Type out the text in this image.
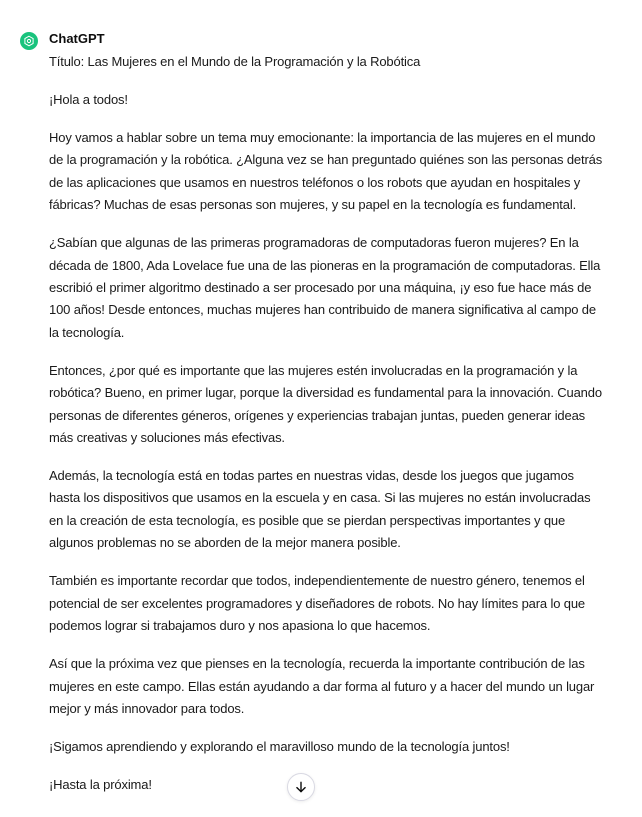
ChatGPT

Título: Las Mujeres en el Mundo de la Programación y la Robótica

¡Hola a todos!

Hoy vamos a hablar sobre un tema muy emocionante: la importancia de las mujeres en el mundo de la programación y la robótica. ¿Alguna vez se han preguntado quiénes son las personas detrás de las aplicaciones que usamos en nuestros teléfonos o los robots que ayudan en hospitales y fábricas? Muchas de esas personas son mujeres, y su papel en la tecnología es fundamental.

¿Sabían que algunas de las primeras programadoras de computadoras fueron mujeres? En la década de 1800, Ada Lovelace fue una de las pioneras en la programación de computadoras. Ella escribió el primer algoritmo destinado a ser procesado por una máquina, ¡y eso fue hace más de 100 años! Desde entonces, muchas mujeres han contribuido de manera significativa al campo de la tecnología.

Entonces, ¿por qué es importante que las mujeres estén involucradas en la programación y la robótica? Bueno, en primer lugar, porque la diversidad es fundamental para la innovación. Cuando personas de diferentes géneros, orígenes y experiencias trabajan juntas, pueden generar ideas más creativas y soluciones más efectivas.

Además, la tecnología está en todas partes en nuestras vidas, desde los juegos que jugamos hasta los dispositivos que usamos en la escuela y en casa. Si las mujeres no están involucradas en la creación de esta tecnología, es posible que se pierdan perspectivas importantes y que algunos problemas no se aborden de la mejor manera posible.

También es importante recordar que todos, independientemente de nuestro género, tenemos el potencial de ser excelentes programadores y diseñadores de robots. No hay límites para lo que podemos lograr si trabajamos duro y nos apasiona lo que hacemos.

Así que la próxima vez que pienses en la tecnología, recuerda la importante contribución de las mujeres en este campo. Ellas están ayudando a dar forma al futuro y a hacer del mundo un lugar mejor y más innovador para todos.

¡Sigamos aprendiendo y explorando el maravilloso mundo de la tecnología juntos!

¡Hasta la próxima!
